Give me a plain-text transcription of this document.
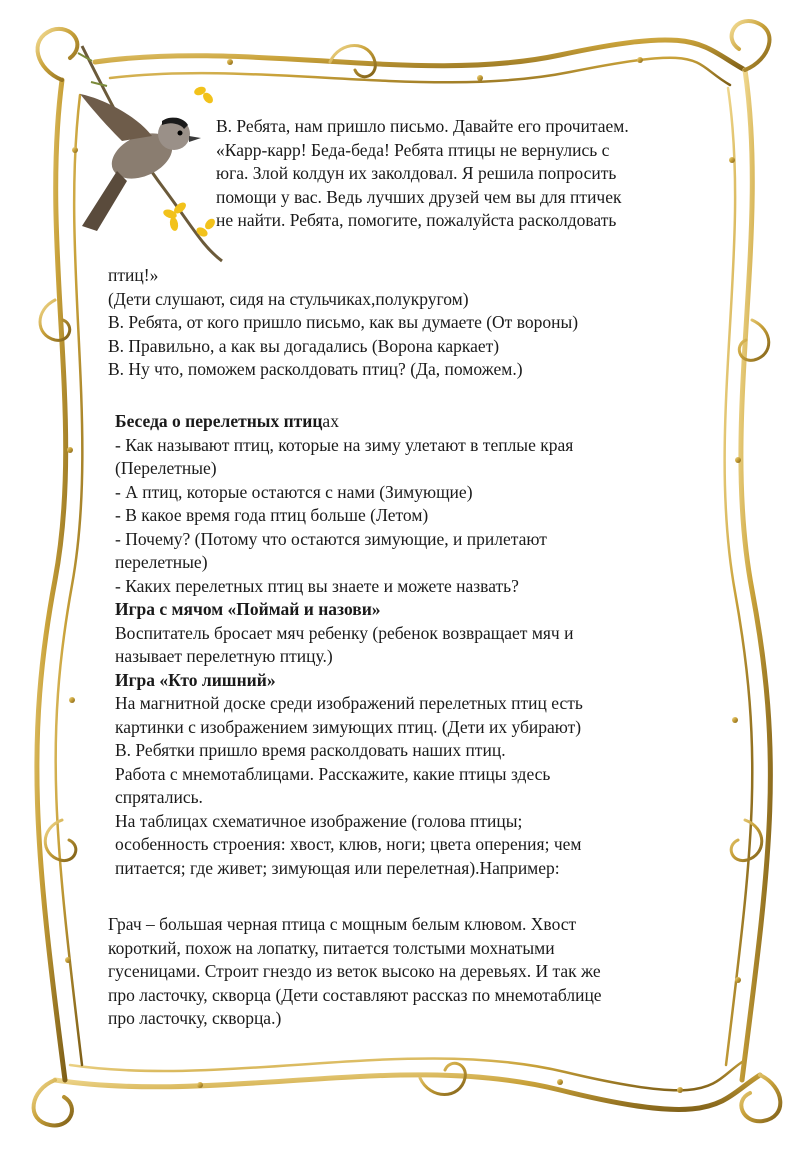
В. Ребята, нам пришло письмо. Давайте его прочитаем.

«Карр-карр! Беда-беда! Ребята птицы не вернулись с

юга. Злой колдун их заколдовал. Я решила попросить

помощи у вас. Ведь лучших друзей чем вы для птичек

не найти. Ребята, помогите, пожалуйста расколдовать

птиц!»

(Дети слушают, сидя на стульчиках,полукругом)

В. Ребята, от кого пришло письмо, как вы думаете (От вороны)

В. Правильно, а как вы догадались (Ворона каркает)

В. Ну что, поможем расколдовать птиц? (Да, поможем.)

Беседа о перелетных птицах

- Как называют птиц, которые на зиму улетают в теплые края

(Перелетные)

- А птиц, которые остаются с нами (Зимующие)

- В какое время года птиц больше (Летом)

- Почему? (Потому что остаются зимующие, и прилетают

перелетные)

- Каких перелетных птиц вы знаете и можете назвать?

Игра с мячом «Поймай и назови»

Воспитатель бросает мяч ребенку (ребенок возвращает мяч и

называет перелетную птицу.)

Игра «Кто лишний»

На магнитной доске среди изображений перелетных птиц есть

картинки с изображением зимующих птиц. (Дети их убирают)

В. Ребятки пришло время расколдовать наших птиц.

Работа с мнемотаблицами. Расскажите, какие птицы здесь

спрятались.

На таблицах схематичное изображение (голова птицы;

особенность строения: хвост, клюв, ноги; цвета оперения; чем

питается; где живет; зимующая или перелетная).Например:

Грач – большая черная птица с мощным белым клювом. Хвост

короткий, похож на лопатку, питается толстыми мохнатыми

гусеницами. Строит гнездо из веток высоко на деревьях. И так же

про ласточку, скворца (Дети составляют рассказ по мнемотаблице

про ласточку, скворца.)
